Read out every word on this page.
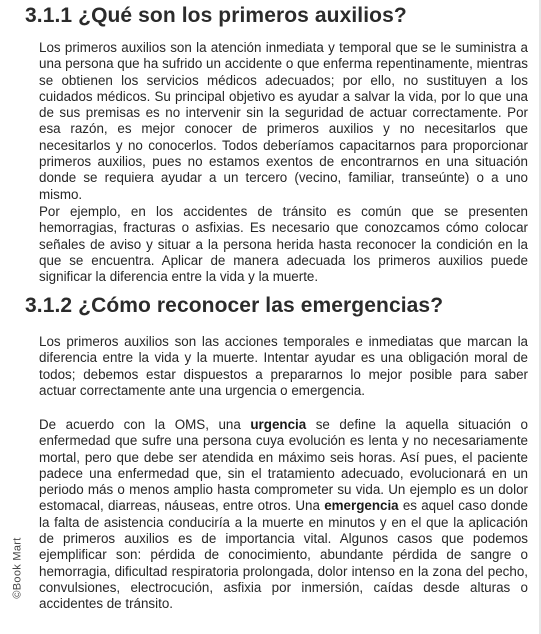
3.1.1 ¿Qué son los primeros auxilios?

Los primeros auxilios son la atención inmediata y temporal que se le suministra a una persona que ha sufrido un accidente o que enferma repentinamente, mientras se obtienen los servicios médicos adecuados; por ello, no sustituyen a los cuidados médicos. Su principal objetivo es ayudar a salvar la vida, por lo que una de sus premisas es no intervenir sin la seguridad de actuar correctamente. Por esa razón, es mejor conocer de primeros auxilios y no necesitarlos que necesitarlos y no conocerlos. Todos deberíamos capacitarnos para proporcionar primeros auxilios, pues no estamos exentos de encontrarnos en una situación donde se requiera ayudar a un tercero (vecino, familiar, transeúnte) o a uno mismo.

Por ejemplo, en los accidentes de tránsito es común que se presenten hemorragias, fracturas o asfixias. Es necesario que conozcamos cómo colocar señales de aviso y situar a la persona herida hasta reconocer la condición en la que se encuentra. Aplicar de manera adecuada los primeros auxilios puede significar la diferencia entre la vida y la muerte.

3.1.2 ¿Cómo reconocer las emergencias?

Los primeros auxilios son las acciones temporales e inmediatas que marcan la diferencia entre la vida y la muerte. Intentar ayudar es una obligación moral de todos; debemos estar dispuestos a prepararnos lo mejor posible para saber actuar correctamente ante una urgencia o emergencia.

De acuerdo con la OMS, una urgencia se define la aquella situación o enfermedad que sufre una persona cuya evolución es lenta y no necesariamente mortal, pero que debe ser atendida en máximo seis horas. Así pues, el paciente padece una enfermedad que, sin el tratamiento adecuado, evolucionará en un periodo más o menos amplio hasta comprometer su vida. Un ejemplo es un dolor estomacal, diarreas, náuseas, entre otros. Una emergencia es aquel caso donde la falta de asistencia conduciría a la muerte en minutos y en el que la aplicación de primeros auxilios es de importancia vital. Algunos casos que podemos ejemplificar son: pérdida de conocimiento, abundante pérdida de sangre o hemorragia, dificultad respiratoria prolongada, dolor intenso en la zona del pecho, convulsiones, electrocución, asfixia por inmersión, caídas desde alturas o accidentes de tránsito.

©Book Mart
